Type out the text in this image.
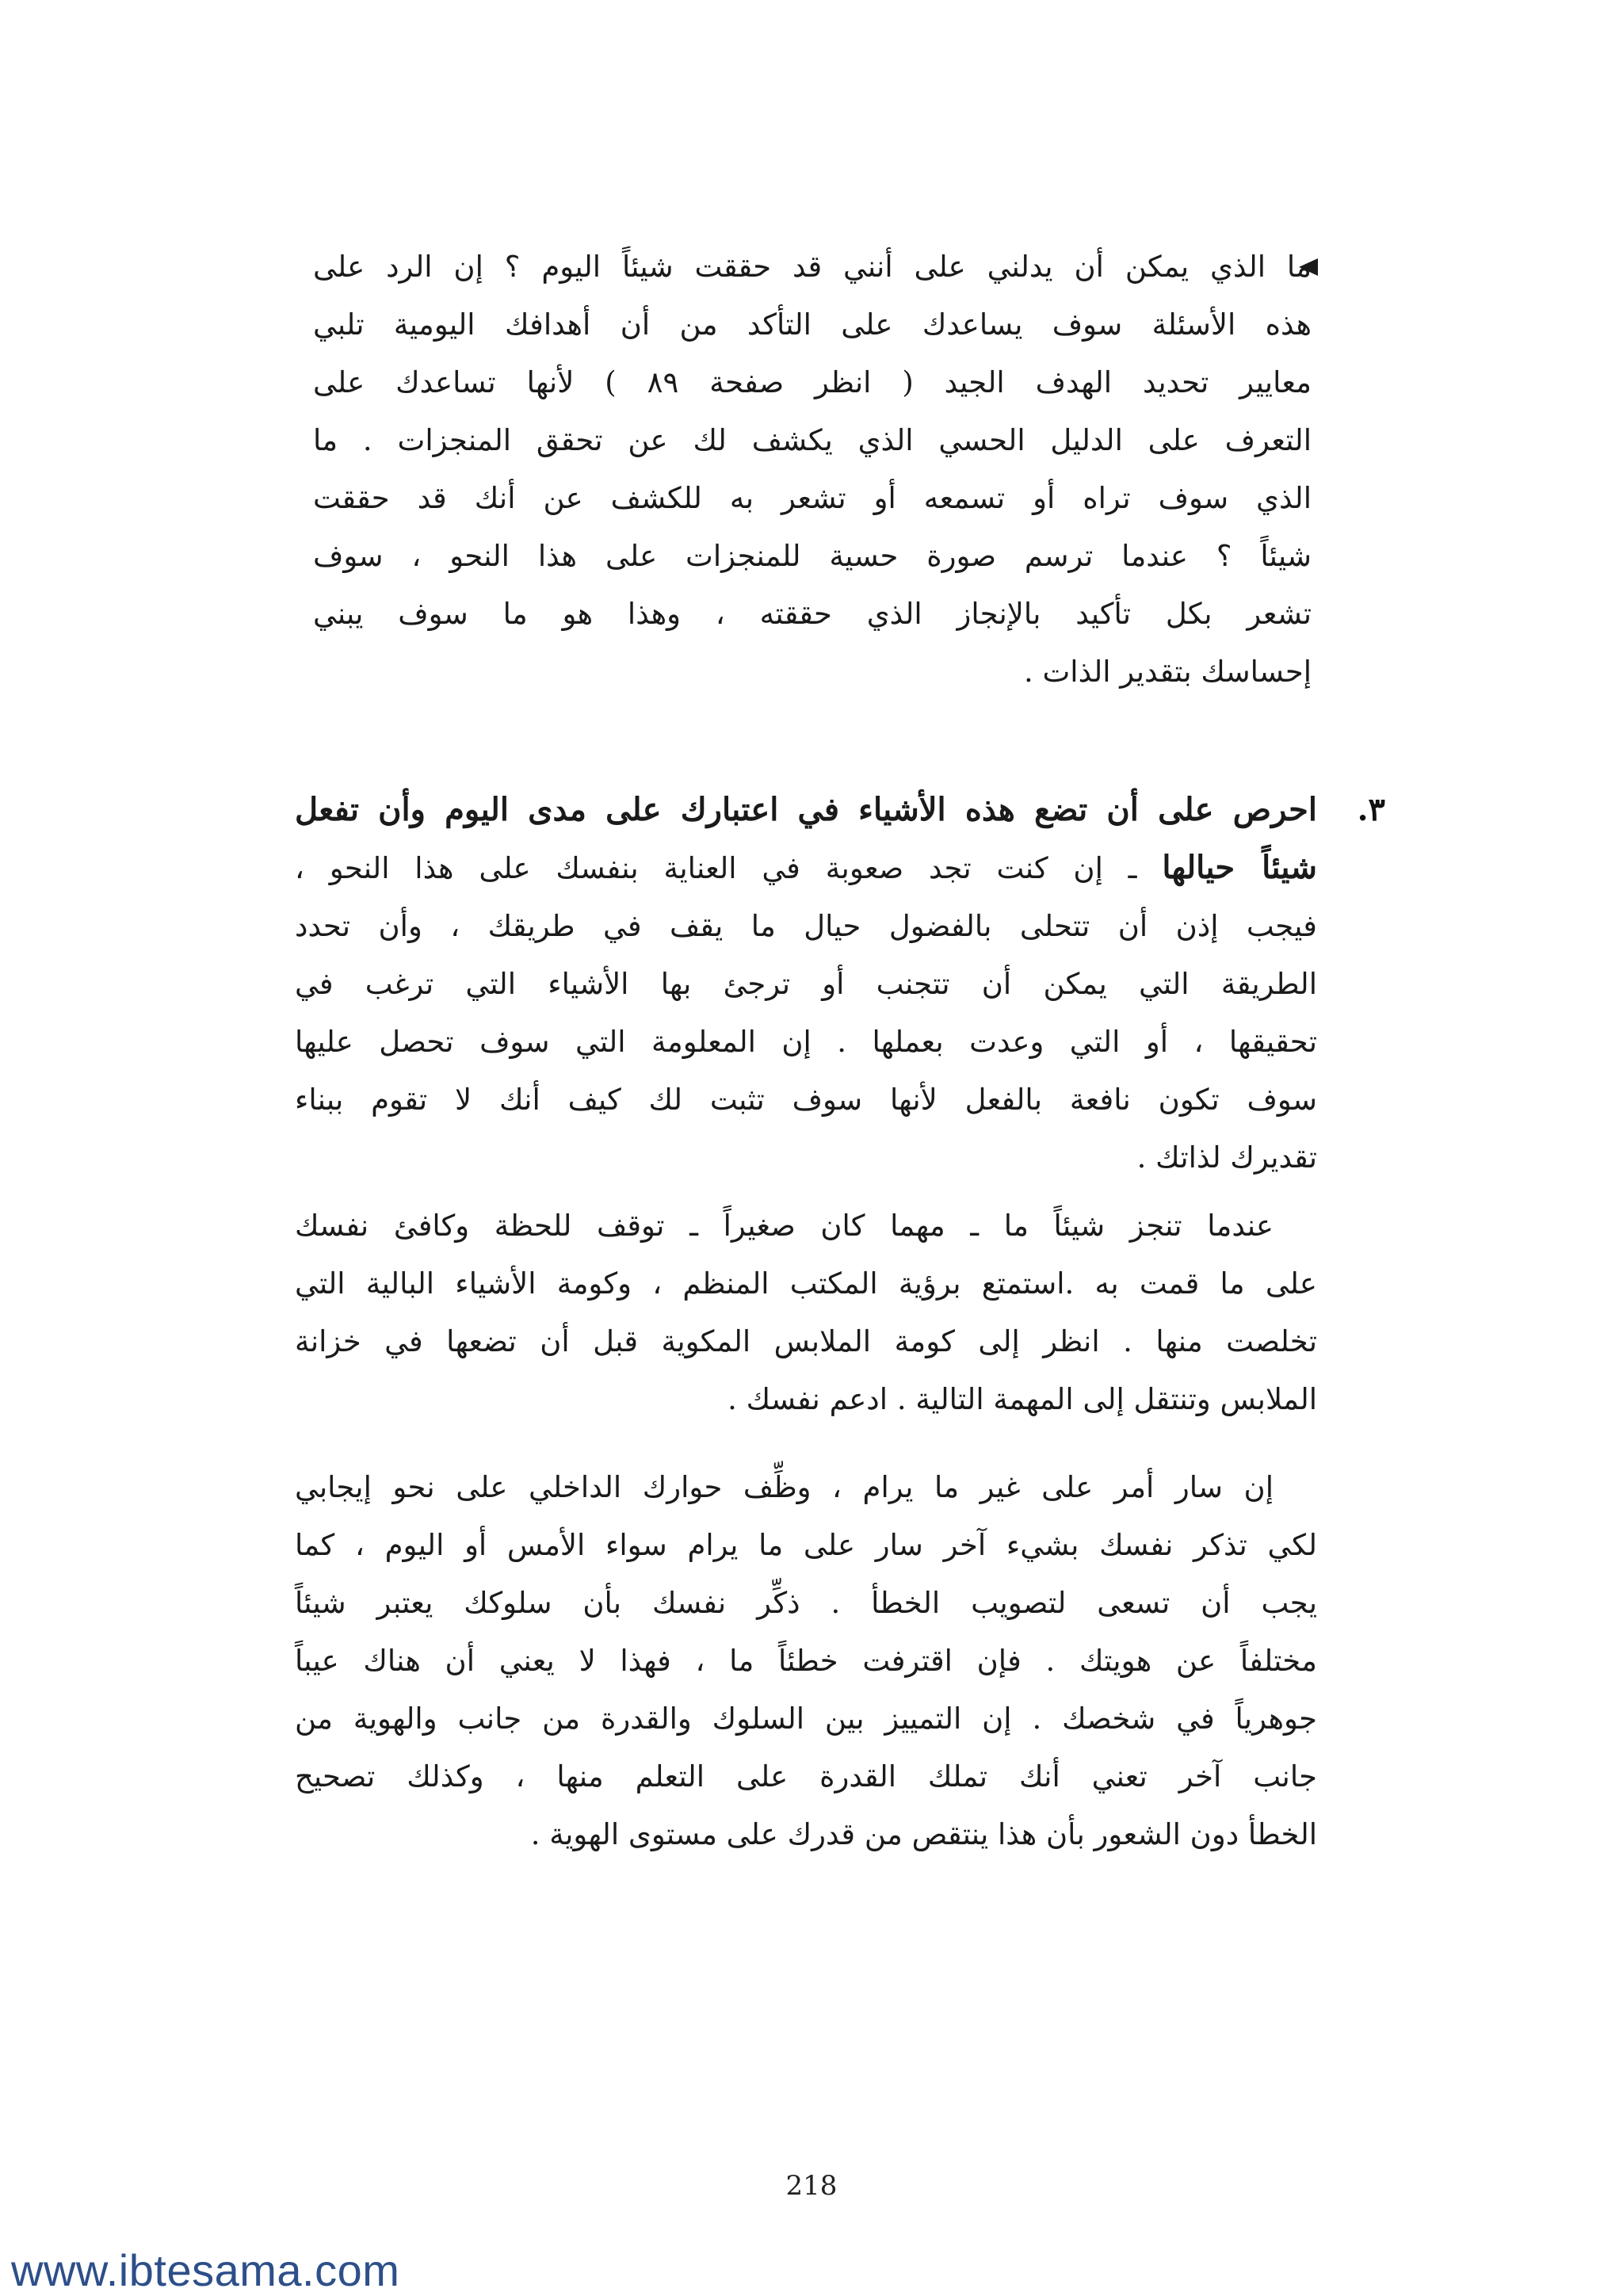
ما الذي يمكن أن يدلني على أنني قد حققت شيئاً اليوم ؟ إن الرد على
هذه الأسئلة سوف يساعدك على التأكد من أن أهدافك اليومية تلبي
معايير تحديد الهدف الجيد ( انظر صفحة ٨٩ ) لأنها تساعدك على
التعرف على الدليل الحسي الذي يكشف لك عن تحقق المنجزات . ما
الذي سوف تراه أو تسمعه أو تشعر به للكشف عن أنك قد حققت
شيئاً ؟ عندما ترسم صورة حسية للمنجزات على هذا النحو ، سوف
تشعر بكل تأكيد بالإنجاز الذي حققته ، وهذا هو ما سوف يبني
إحساسك بتقدير الذات .
٣.
احرص على أن تضع هذه الأشياء في اعتبارك على مدى اليوم وأن تفعل
شيئاً حيالها ـ إن كنت تجد صعوبة في العناية بنفسك على هذا النحو ،
فيجب إذن أن تتحلى بالفضول حيال ما يقف في طريقك ، وأن تحدد
الطريقة التي يمكن أن تتجنب أو ترجئ بها الأشياء التي ترغب في
تحقيقها ، أو التي وعدت بعملها . إن المعلومة التي سوف تحصل عليها
سوف تكون نافعة بالفعل لأنها سوف تثبت لك كيف أنك لا تقوم ببناء
تقديرك لذاتك .
عندما تنجز شيئاً ما ـ مهما كان صغيراً ـ توقف للحظة وكافئ نفسك
على ما قمت به .استمتع برؤية المكتب المنظم ، وكومة الأشياء البالية التي
تخلصت منها . انظر إلى كومة الملابس المكوية قبل أن تضعها في خزانة
الملابس وتنتقل إلى المهمة التالية . ادعم نفسك .
إن سار أمر على غير ما يرام ، وظِّف حوارك الداخلي على نحو إيجابي
لكي تذكر نفسك بشيء آخر سار على ما يرام سواء الأمس أو اليوم ، كما
يجب أن تسعى لتصويب الخطأ . ذكِّر نفسك بأن سلوكك يعتبر شيئاً
مختلفاً عن هويتك . فإن اقترفت خطئاً ما ، فهذا لا يعني أن هناك عيباً
جوهرياً في شخصك . إن التمييز بين السلوك والقدرة من جانب والهوية من
جانب آخر تعني أنك تملك القدرة على التعلم منها ، وكذلك تصحيح
الخطأ دون الشعور بأن هذا ينتقص من قدرك على مستوى الهوية .
218
www.ibtesama.com
